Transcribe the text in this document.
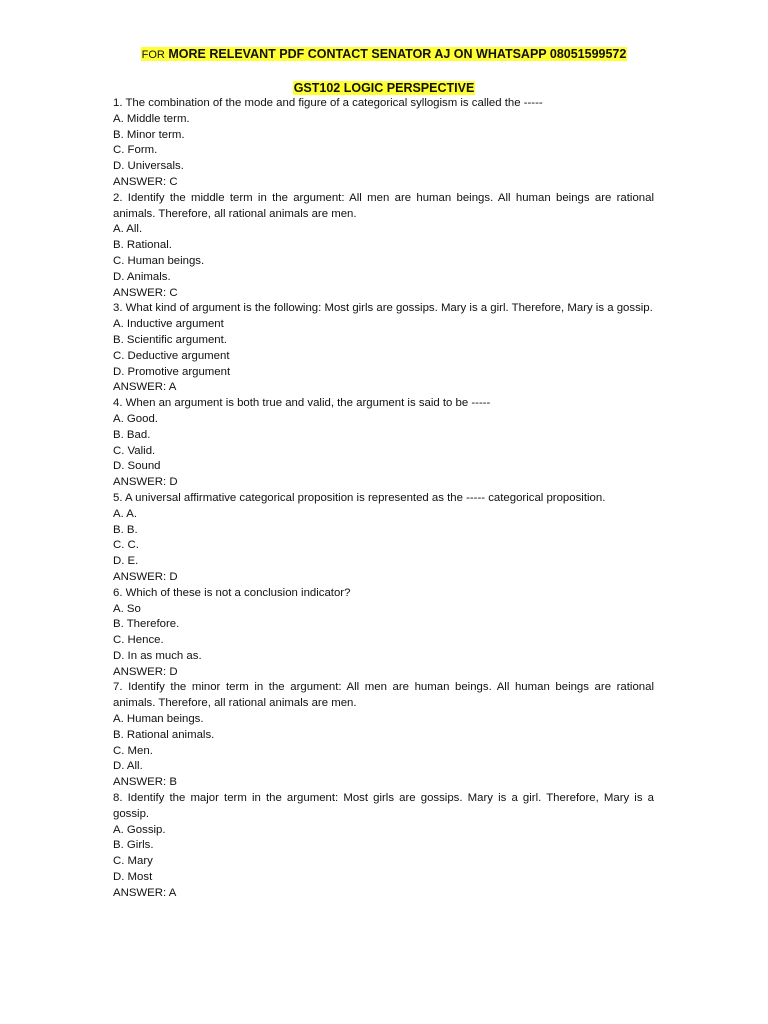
FOR MORE RELEVANT PDF CONTACT SENATOR AJ ON WHATSAPP 08051599572
GST102 LOGIC PERSPECTIVE
1. The combination of the mode and figure of a categorical syllogism is called the -----
A. Middle term.
B. Minor term.
C. Form.
D. Universals.
ANSWER: C
2. Identify the middle term in the argument: All men are human beings. All human beings are rational animals. Therefore, all rational animals are men.
A. All.
B. Rational.
C. Human beings.
D. Animals.
ANSWER: C
3. What kind of argument is the following: Most girls are gossips. Mary is a girl. Therefore, Mary is a gossip.
A. Inductive argument
B. Scientific argument.
C. Deductive argument
D. Promotive argument
ANSWER: A
4. When an argument is both true and valid, the argument is said to be -----
A. Good.
B. Bad.
C. Valid.
D. Sound
ANSWER: D
5. A universal affirmative categorical proposition is represented as the ----- categorical proposition.
A. A.
B. B.
C. C.
D. E.
ANSWER: D
6. Which of these is not a conclusion indicator?
A. So
B. Therefore.
C. Hence.
D. In as much as.
ANSWER: D
7. Identify the minor term in the argument: All men are human beings. All human beings are rational animals. Therefore, all rational animals are men.
A. Human beings.
B. Rational animals.
C. Men.
D. All.
ANSWER: B
8. Identify the major term in the argument: Most girls are gossips. Mary is a girl. Therefore, Mary is a gossip.
A. Gossip.
B. Girls.
C. Mary
D. Most
ANSWER: A
